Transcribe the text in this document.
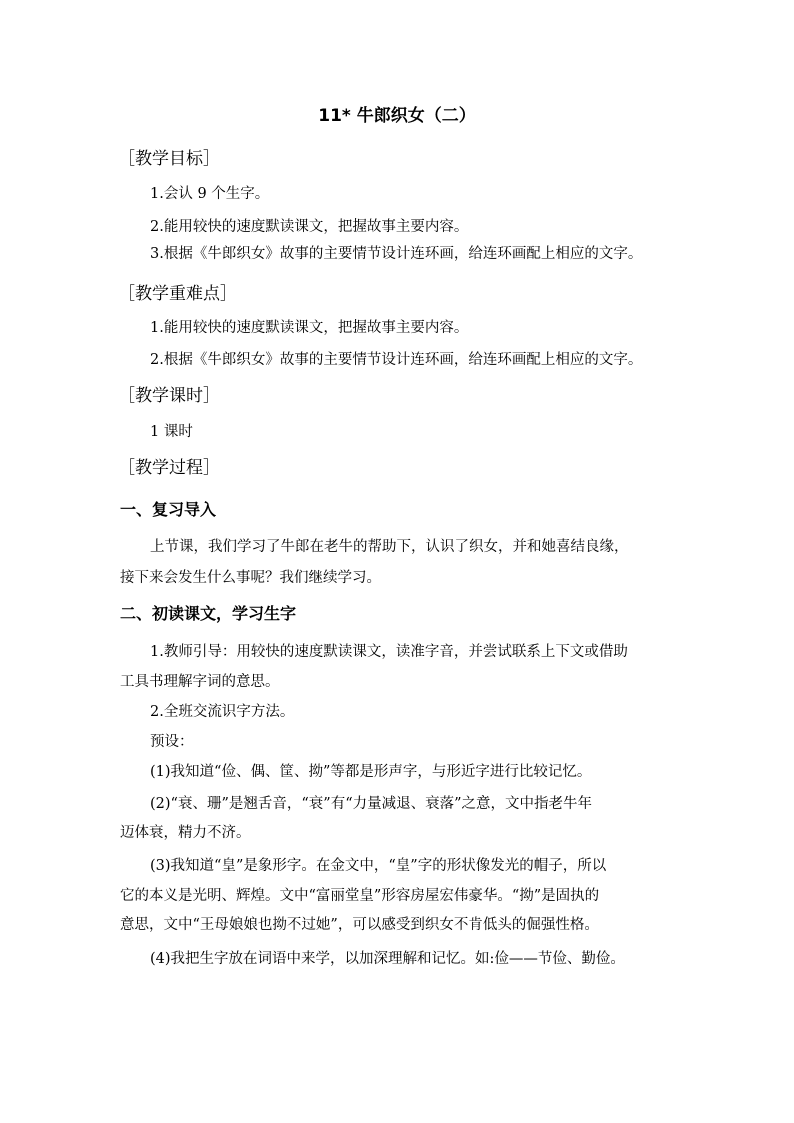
11* 牛郎织女（二）
［教学目标］
1.会认 9 个生字。
2.能用较快的速度默读课文，把握故事主要内容。
3.根据《牛郎织女》故事的主要情节设计连环画，给连环画配上相应的文字。
［教学重难点］
1.能用较快的速度默读课文，把握故事主要内容。
2.根据《牛郎织女》故事的主要情节设计连环画，给连环画配上相应的文字。
［教学课时］
1 课时
［教学过程］
一、复习导入
上节课，我们学习了牛郎在老牛的帮助下，认识了织女，并和她喜结良缘，
接下来会发生什么事呢？我们继续学习。
二、初读课文，学习生字
1.教师引导：用较快的速度默读课文，读准字音，并尝试联系上下文或借助
工具书理解字词的意思。
2.全班交流识字方法。
预设：
(1)我知道“俭、偶、筐、拗”等都是形声字，与形近字进行比较记忆。
(2)“衰、珊”是翘舌音，“衰”有“力量减退、衰落”之意，文中指老牛年
迈体衰，精力不济。
(3)我知道“皇”是象形字。在金文中，“皇”字的形状像发光的帽子，所以
它的本义是光明、辉煌。文中“富丽堂皇”形容房屋宏伟豪华。“拗”是固执的
意思，文中“王母娘娘也拗不过她”，可以感受到织女不肯低头的倔强性格。
(4)我把生字放在词语中来学，以加深理解和记忆。如:俭——节俭、勤俭。
